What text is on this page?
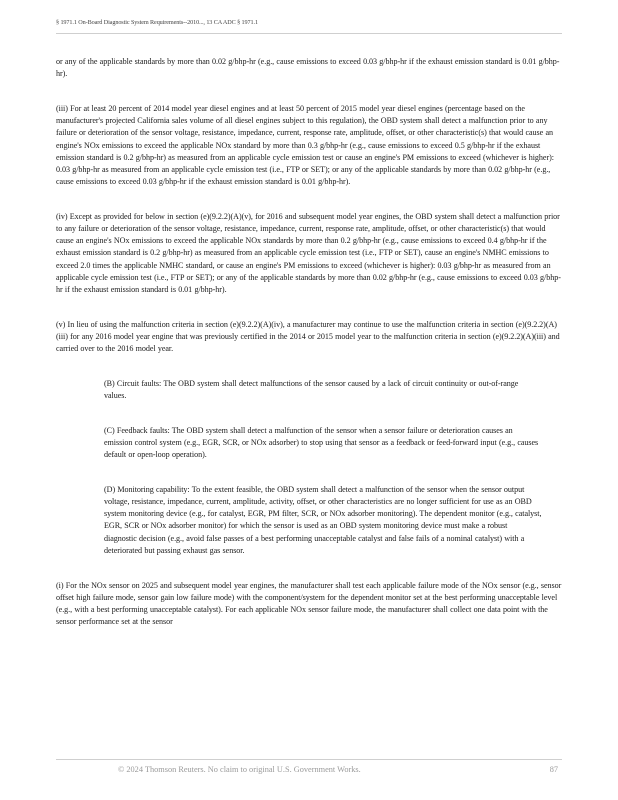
§ 1971.1 On-Board Diagnostic System Requirements--2010..., 13 CA ADC § 1971.1

or any of the applicable standards by more than 0.02 g/bhp-hr (e.g., cause emissions to exceed 0.03 g/bhp-hr if the exhaust emission standard is 0.01 g/bhp-hr).

(iii) For at least 20 percent of 2014 model year diesel engines and at least 50 percent of 2015 model year diesel engines (percentage based on the manufacturer's projected California sales volume of all diesel engines subject to this regulation), the OBD system shall detect a malfunction prior to any failure or deterioration of the sensor voltage, resistance, impedance, current, response rate, amplitude, offset, or other characteristic(s) that would cause an engine's NOx emissions to exceed the applicable NOx standard by more than 0.3 g/bhp-hr (e.g., cause emissions to exceed 0.5 g/bhp-hr if the exhaust emission standard is 0.2 g/bhp-hr) as measured from an applicable cycle emission test or cause an engine's PM emissions to exceed (whichever is higher): 0.03 g/bhp-hr as measured from an applicable cycle emission test (i.e., FTP or SET); or any of the applicable standards by more than 0.02 g/bhp-hr (e.g., cause emissions to exceed 0.03 g/bhp-hr if the exhaust emission standard is 0.01 g/bhp-hr).

(iv) Except as provided for below in section (e)(9.2.2)(A)(v), for 2016 and subsequent model year engines, the OBD system shall detect a malfunction prior to any failure or deterioration of the sensor voltage, resistance, impedance, current, response rate, amplitude, offset, or other characteristic(s) that would cause an engine's NOx emissions to exceed the applicable NOx standards by more than 0.2 g/bhp-hr (e.g., cause emissions to exceed 0.4 g/bhp-hr if the exhaust emission standard is 0.2 g/bhp-hr) as measured from an applicable cycle emission test (i.e., FTP or SET), cause an engine's NMHC emissions to exceed 2.0 times the applicable NMHC standard, or cause an engine's PM emissions to exceed (whichever is higher): 0.03 g/bhp-hr as measured from an applicable cycle emission test (i.e., FTP or SET); or any of the applicable standards by more than 0.02 g/bhp-hr (e.g., cause emissions to exceed 0.03 g/bhp-hr if the exhaust emission standard is 0.01 g/bhp-hr).

(v) In lieu of using the malfunction criteria in section (e)(9.2.2)(A)(iv), a manufacturer may continue to use the malfunction criteria in section (e)(9.2.2)(A)(iii) for any 2016 model year engine that was previously certified in the 2014 or 2015 model year to the malfunction criteria in section (e)(9.2.2)(A)(iii) and carried over to the 2016 model year.

(B) Circuit faults: The OBD system shall detect malfunctions of the sensor caused by a lack of circuit continuity or out-of-range values.

(C) Feedback faults: The OBD system shall detect a malfunction of the sensor when a sensor failure or deterioration causes an emission control system (e.g., EGR, SCR, or NOx adsorber) to stop using that sensor as a feedback or feed-forward input (e.g., causes default or open-loop operation).

(D) Monitoring capability: To the extent feasible, the OBD system shall detect a malfunction of the sensor when the sensor output voltage, resistance, impedance, current, amplitude, activity, offset, or other characteristics are no longer sufficient for use as an OBD system monitoring device (e.g., for catalyst, EGR, PM filter, SCR, or NOx adsorber monitoring). The dependent monitor (e.g., catalyst, EGR, SCR or NOx adsorber monitor) for which the sensor is used as an OBD system monitoring device must make a robust diagnostic decision (e.g., avoid false passes of a best performing unacceptable catalyst and false fails of a nominal catalyst) with a deteriorated but passing exhaust gas sensor.

(i) For the NOx sensor on 2025 and subsequent model year engines, the manufacturer shall test each applicable failure mode of the NOx sensor (e.g., sensor offset high failure mode, sensor gain low failure mode) with the component/system for the dependent monitor set at the best performing unacceptable level (e.g., with a best performing unacceptable catalyst). For each applicable NOx sensor failure mode, the manufacturer shall collect one data point with the sensor performance set at the sensor

© 2024 Thomson Reuters. No claim to original U.S. Government Works.	87
